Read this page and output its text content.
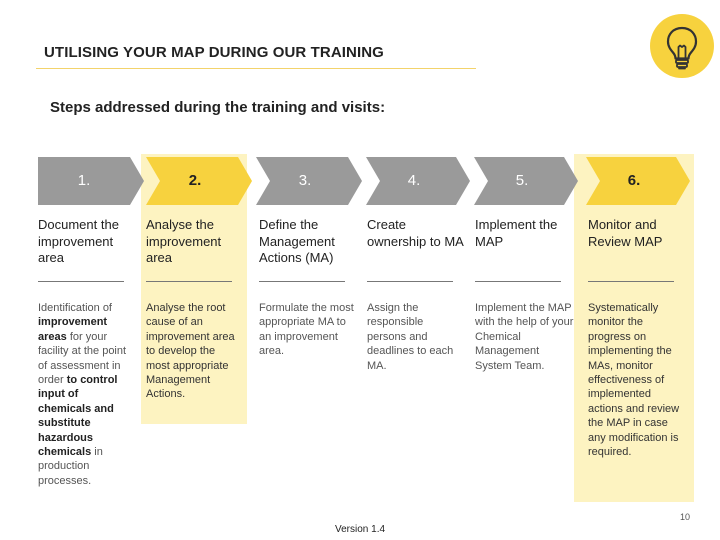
UTILISING YOUR MAP DURING OUR TRAINING
Steps addressed during the training and visits:
1.	2.	3.	4.	5.	6.
Document the improvement area
Identification of improvement areas for your facility at the point of assessment in order to control input of chemicals and substitute hazardous chemicals in production processes.
Analyse the improvement area
Analyse the root cause of an improvement area to develop the most appropriate Management Actions.
Define the Management Actions (MA)
Formulate the most appropriate MA to an improvement area.
Create ownership to MA
Assign the responsible persons and deadlines to each MA.
Implement the MAP
Implement the MAP with the help of your Chemical Management System Team.
Monitor and Review MAP
Systematically monitor the progress on implementing the MAs, monitor effectiveness of implemented actions and review the MAP in case any modification is required.
10
Version 1.4
